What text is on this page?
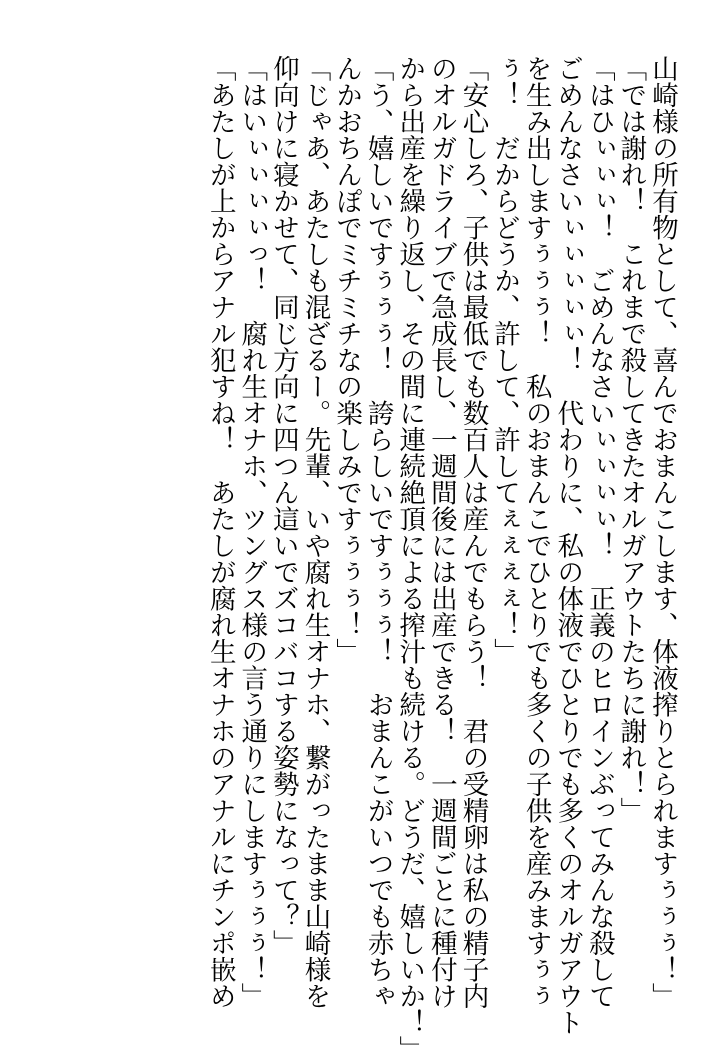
山崎様の所有物として、喜んでおまんこします、体液搾りとられますぅぅぅ！」

「では謝れ！　これまで殺してきたオルガアウトたちに謝れ！」

「はひぃぃぃ！　ごめんなさいぃぃぃぃ！　正義のヒロインぶってみんな殺して

ごめんなさいぃぃぃぃぃ！　代わりに、私の体液でひとりでも多くのオルガアウト

を生み出しますぅぅぅ！　私のおまんこでひとりでも多くの子供を産みますぅぅ

ぅ！　だからどうか、許して、許してぇぇぇぇ！」

「安心しろ、子供は最低でも数百人は産んでもらう！　君の受精卵は私の精子内

のオルガドライブで急成長し、一週間後には出産できる！　一週間ごとに種付け

から出産を繰り返し、その間に連続絶頂による搾汁も続ける。どうだ、嬉しいか！」

「う、嬉しいですぅぅぅ！　誇らしいですぅぅぅ！　おまんこがいつでも赤ちゃ

んかおちんぽでミチミチなの楽しみですぅぅぅ！」

「じゃあ、あたしも混ざるー。先輩、いや腐れ生オナホ、繋がったまま山崎様を

仰向けに寝かせて、同じ方向に四つん這いでズコバコする姿勢になって？」

「はいぃぃぃぃっ！　腐れ生オナホ、ツングス様の言う通りにしますぅぅぅ！」

「あたしが上からアナル犯すね！　あたしが腐れ生オナホのアナルにチンポ嵌め
